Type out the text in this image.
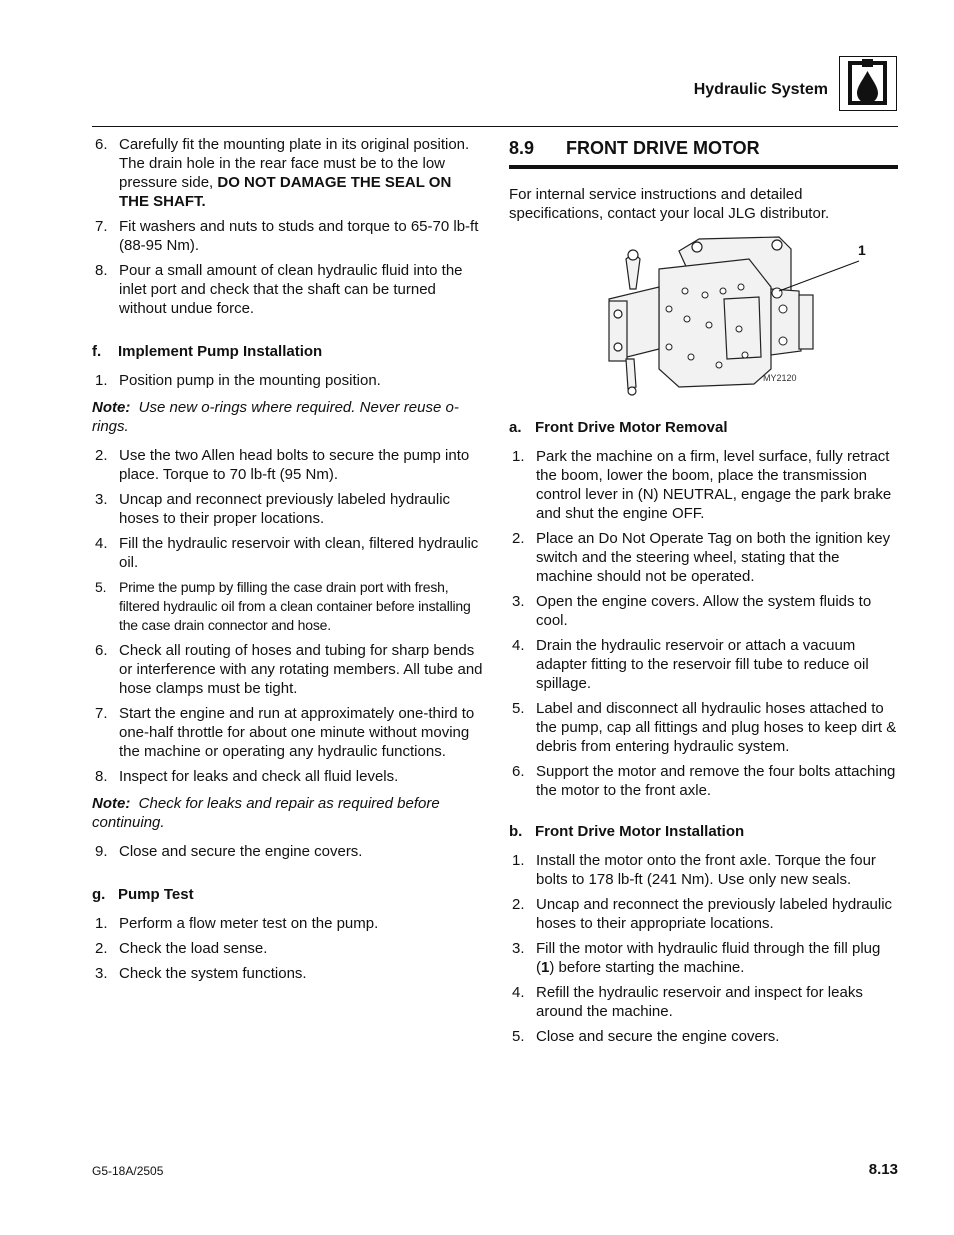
Hydraulic System
6. Carefully fit the mounting plate in its original position. The drain hole in the rear face must be to the low pressure side, DO NOT DAMAGE THE SEAL ON THE SHAFT.
7. Fit washers and nuts to studs and torque to 65-70 lb-ft (88-95 Nm).
8. Pour a small amount of clean hydraulic fluid into the inlet port and check that the shaft can be turned without undue force.
f. Implement Pump Installation
1. Position pump in the mounting position.
Note: Use new o-rings where required. Never reuse o-rings.
2. Use the two Allen head bolts to secure the pump into place. Torque to 70 lb-ft (95 Nm).
3. Uncap and reconnect previously labeled hydraulic hoses to their proper locations.
4. Fill the hydraulic reservoir with clean, filtered hydraulic oil.
5. Prime the pump by filling the case drain port with fresh, filtered hydraulic oil from a clean container before installing the case drain connector and hose.
6. Check all routing of hoses and tubing for sharp bends or interference with any rotating members. All tube and hose clamps must be tight.
7. Start the engine and run at approximately one-third to one-half throttle for about one minute without moving the machine or operating any hydraulic functions.
8. Inspect for leaks and check all fluid levels.
Note: Check for leaks and repair as required before continuing.
9. Close and secure the engine covers.
g. Pump Test
1. Perform a flow meter test on the pump.
2. Check the load sense.
3. Check the system functions.
8.9 FRONT DRIVE MOTOR
For internal service instructions and detailed specifications, contact your local JLG distributor.
1
MY2120
a. Front Drive Motor Removal
1. Park the machine on a firm, level surface, fully retract the boom, lower the boom, place the transmission control lever in (N) NEUTRAL, engage the park brake and shut the engine OFF.
2. Place an Do Not Operate Tag on both the ignition key switch and the steering wheel, stating that the machine should not be operated.
3. Open the engine covers. Allow the system fluids to cool.
4. Drain the hydraulic reservoir or attach a vacuum adapter fitting to the reservoir fill tube to reduce oil spillage.
5. Label and disconnect all hydraulic hoses attached to the pump, cap all fittings and plug hoses to keep dirt & debris from entering hydraulic system.
6. Support the motor and remove the four bolts attaching the motor to the front axle.
b. Front Drive Motor Installation
1. Install the motor onto the front axle. Torque the four bolts to 178 lb-ft (241 Nm). Use only new seals.
2. Uncap and reconnect the previously labeled hydraulic hoses to their appropriate locations.
3. Fill the motor with hydraulic fluid through the fill plug (1) before starting the machine.
4. Refill the hydraulic reservoir and inspect for leaks around the machine.
5. Close and secure the engine covers.
G5-18A/2505	8.13
